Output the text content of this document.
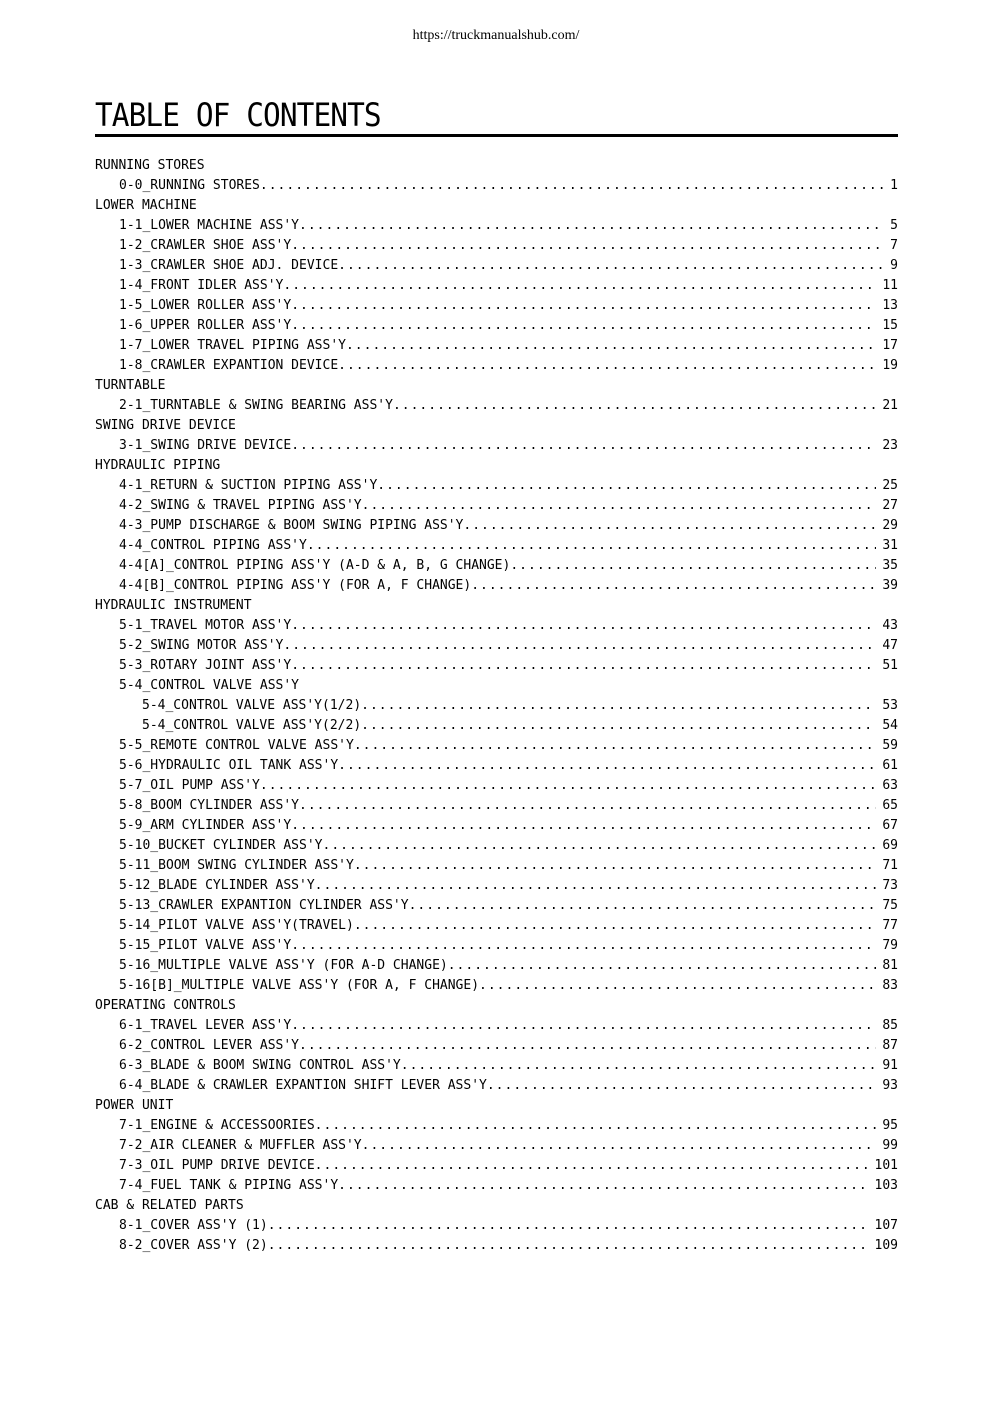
https://truckmanualshub.com/
TABLE OF CONTENTS
RUNNING STORES
0-0_RUNNING STORES .....	1
LOWER MACHINE
1-1_LOWER MACHINE ASS'Y .....	5
1-2_CRAWLER SHOE ASS'Y .....	7
1-3_CRAWLER SHOE ADJ. DEVICE .....	9
1-4_FRONT IDLER ASS'Y .....	11
1-5_LOWER ROLLER ASS'Y .....	13
1-6_UPPER ROLLER ASS'Y .....	15
1-7_LOWER TRAVEL PIPING ASS'Y .....	17
1-8_CRAWLER EXPANTION DEVICE .....	19
TURNTABLE
2-1_TURNTABLE & SWING BEARING ASS'Y .....	21
SWING DRIVE DEVICE
3-1_SWING DRIVE DEVICE .....	23
HYDRAULIC PIPING
4-1_RETURN & SUCTION PIPING ASS'Y .....	25
4-2_SWING & TRAVEL PIPING ASS'Y .....	27
4-3_PUMP DISCHARGE & BOOM SWING PIPING ASS'Y .....	29
4-4_CONTROL PIPING ASS'Y .....	31
4-4[A]_CONTROL PIPING ASS'Y (A-D & A, B, G CHANGE) .....	35
4-4[B]_CONTROL PIPING ASS'Y (FOR A, F CHANGE) .....	39
HYDRAULIC INSTRUMENT
5-1_TRAVEL MOTOR ASS'Y .....	43
5-2_SWING MOTOR ASS'Y .....	47
5-3_ROTARY JOINT ASS'Y .....	51
5-4_CONTROL VALVE ASS'Y
5-4_CONTROL VALVE ASS'Y(1/2) .....	53
5-4_CONTROL VALVE ASS'Y(2/2) .....	54
5-5_REMOTE CONTROL VALVE ASS'Y .....	59
5-6_HYDRAULIC OIL TANK ASS'Y .....	61
5-7_OIL PUMP ASS'Y .....	63
5-8_BOOM CYLINDER ASS'Y .....	65
5-9_ARM CYLINDER ASS'Y .....	67
5-10_BUCKET CYLINDER ASS'Y .....	69
5-11_BOOM SWING CYLINDER ASS'Y .....	71
5-12_BLADE CYLINDER ASS'Y .....	73
5-13_CRAWLER EXPANTION CYLINDER ASS'Y .....	75
5-14_PILOT VALVE ASS'Y(TRAVEL) .....	77
5-15_PILOT VALVE ASS'Y .....	79
5-16_MULTIPLE VALVE ASS'Y (FOR A-D CHANGE) .....	81
5-16[B]_MULTIPLE VALVE ASS'Y (FOR A, F CHANGE) .....	83
OPERATING CONTROLS
6-1_TRAVEL LEVER ASS'Y .....	85
6-2_CONTROL LEVER ASS'Y .....	87
6-3_BLADE & BOOM SWING CONTROL ASS'Y .....	91
6-4_BLADE & CRAWLER EXPANTION SHIFT LEVER ASS'Y .....	93
POWER UNIT
7-1_ENGINE & ACCESSOORIES .....	95
7-2_AIR CLEANER & MUFFLER ASS'Y .....	99
7-3_OIL PUMP DRIVE DEVICE .....	101
7-4_FUEL TANK & PIPING ASS'Y .....	103
CAB & RELATED PARTS
8-1_COVER ASS'Y (1) .....	107
8-2_COVER ASS'Y (2) .....	109
